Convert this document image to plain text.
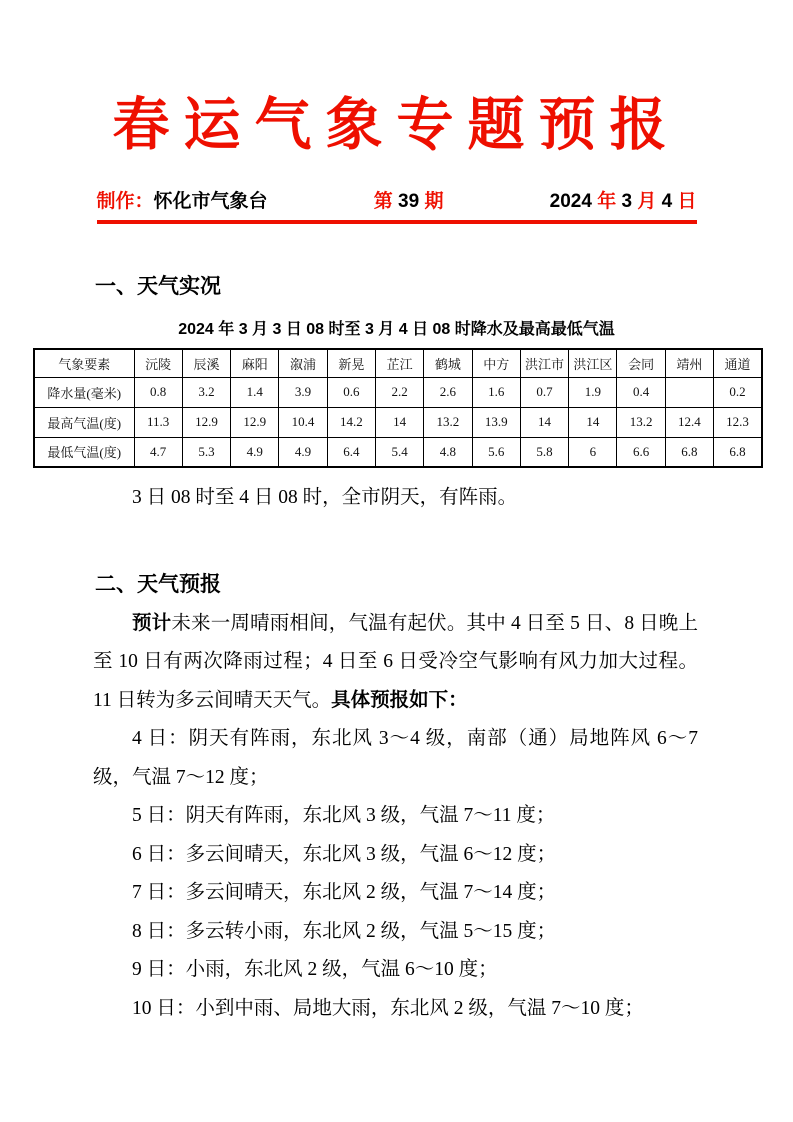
春运气象专题预报
制作：怀化市气象台	第 39 期	2024 年 3 月 4 日
一、天气实况
2024 年 3 月 3 日 08 时至 3 月 4 日 08 时降水及最高最低气温
气象要素	沅陵	辰溪	麻阳	溆浦	新晃	芷江	鹤城	中方	洪江市	洪江区	会同	靖州	通道
降水量(毫米)	0.8	3.2	1.4	3.9	0.6	2.2	2.6	1.6	0.7	1.9	0.4		0.2
最高气温(度)	11.3	12.9	12.9	10.4	14.2	14	13.2	13.9	14	14	13.2	12.4	12.3
最低气温(度)	4.7	5.3	4.9	4.9	6.4	5.4	4.8	5.6	5.8	6	6.6	6.8	6.8

3 日 08 时至 4 日 08 时，全市阴天，有阵雨。

二、天气预报

预计未来一周晴雨相间，气温有起伏。其中 4 日至 5 日、8 日晚上至 10 日有两次降雨过程；4 日至 6 日受冷空气影响有风力加大过程。11 日转为多云间晴天天气。具体预报如下：

4 日：阴天有阵雨，东北风 3～4 级，南部（通）局地阵风 6～7 级，气温 7～12 度；

5 日：阴天有阵雨，东北风 3 级，气温 7～11 度；

6 日：多云间晴天，东北风 3 级，气温 6～12 度；

7 日：多云间晴天，东北风 2 级，气温 7～14 度；

8 日：多云转小雨，东北风 2 级，气温 5～15 度；

9 日：小雨，东北风 2 级，气温 6～10 度；

10 日：小到中雨、局地大雨，东北风 2 级，气温 7～10 度；
